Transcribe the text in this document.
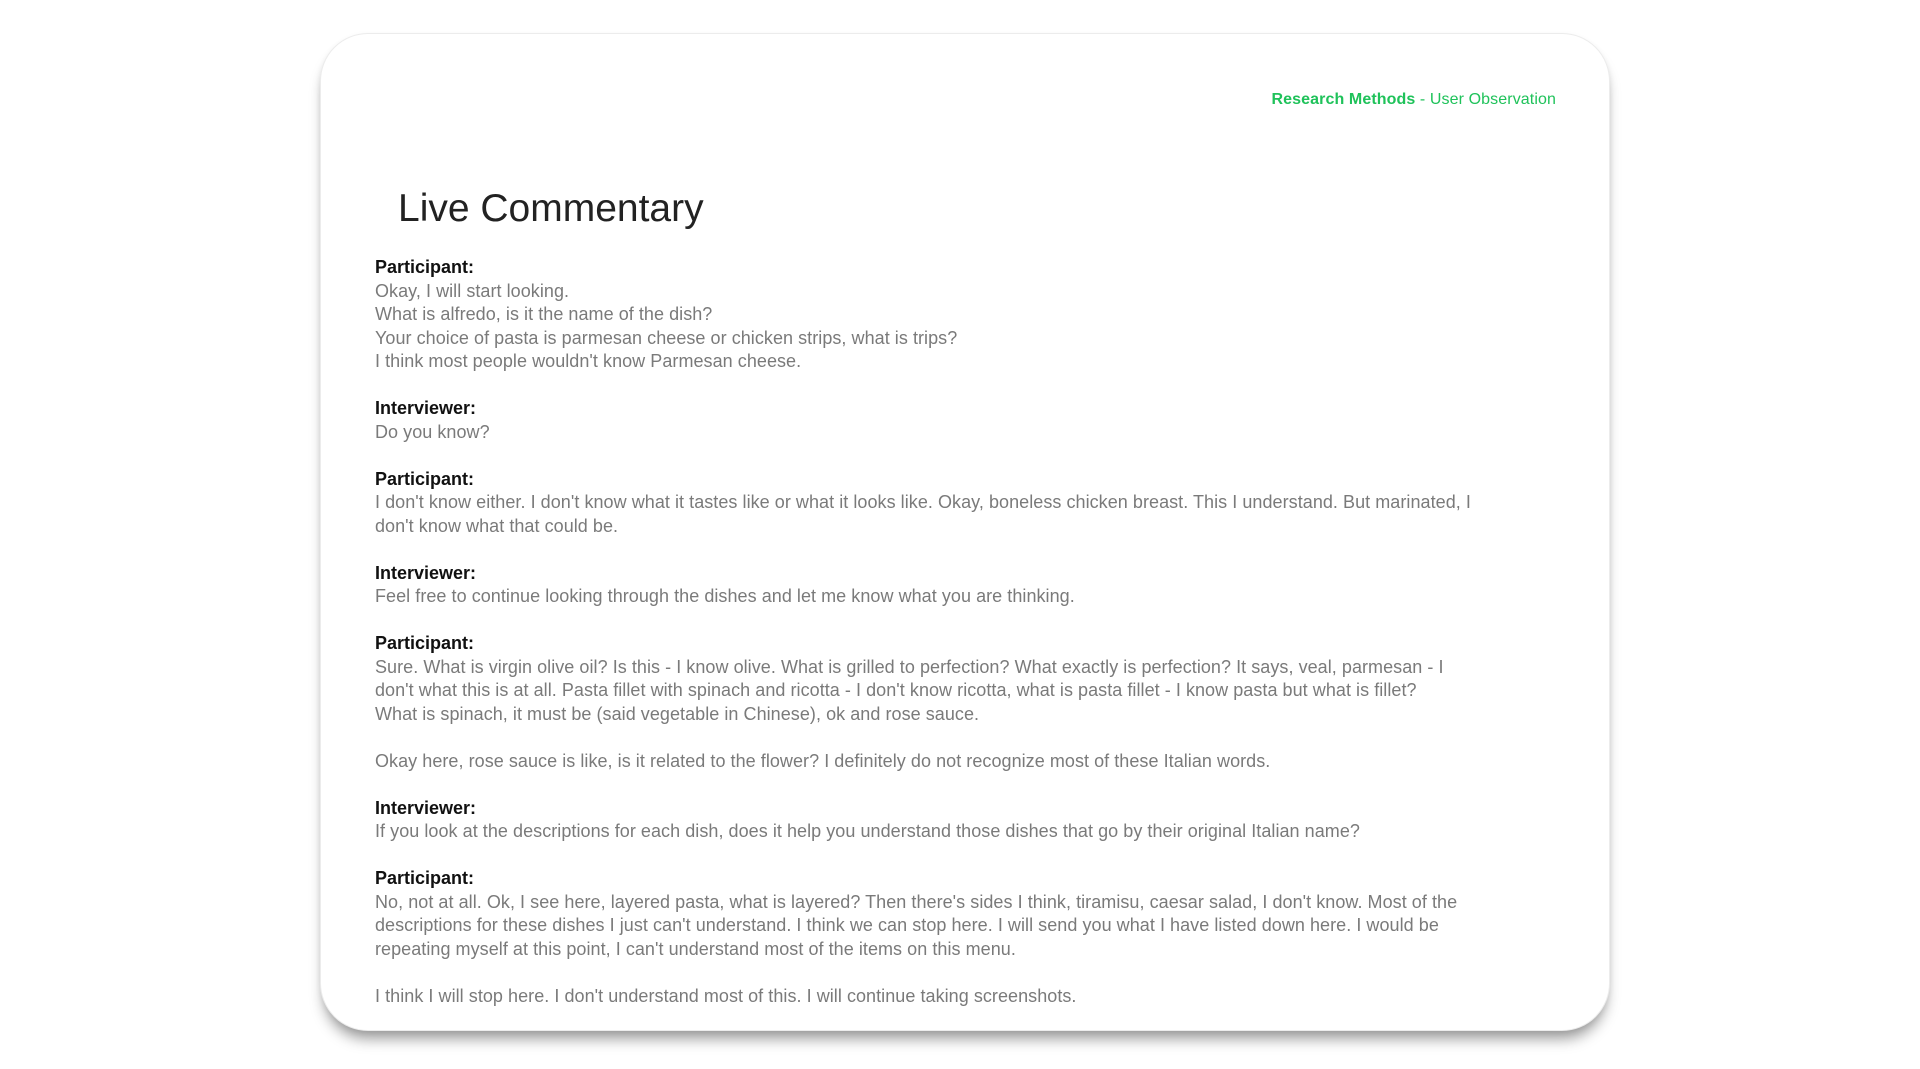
Research Methods - User Observation
Live Commentary
Participant:
Okay, I will start looking.
What is alfredo, is it the name of the dish?
Your choice of pasta is parmesan cheese or chicken strips, what is trips?
I think most people wouldn't know Parmesan cheese.
Interviewer:
Do you know?
Participant:
I don't know either. I don't know what it tastes like or what it looks like. Okay, boneless chicken breast. This I understand. But marinated, I
don't know what that could be.
Interviewer:
Feel free to continue looking through the dishes and let me know what you are thinking.
Participant:
Sure. What is virgin olive oil? Is this - I know olive. What is grilled to perfection? What exactly is perfection? It says, veal, parmesan - I
don't what this is at all. Pasta fillet with spinach and ricotta - I don't know ricotta, what is pasta fillet - I know pasta but what is fillet?
What is spinach, it must be (said vegetable in Chinese), ok and rose sauce.
Okay here, rose sauce is like, is it related to the flower? I definitely do not recognize most of these Italian words.
Interviewer:
If you look at the descriptions for each dish, does it help you understand those dishes that go by their original Italian name?
Participant:
No, not at all. Ok, I see here, layered pasta, what is layered? Then there's sides I think, tiramisu, caesar salad, I don't know. Most of the
descriptions for these dishes I just can't understand. I think we can stop here. I will send you what I have listed down here. I would be
repeating myself at this point, I can't understand most of the items on this menu.
I think I will stop here. I don't understand most of this. I will continue taking screenshots.
